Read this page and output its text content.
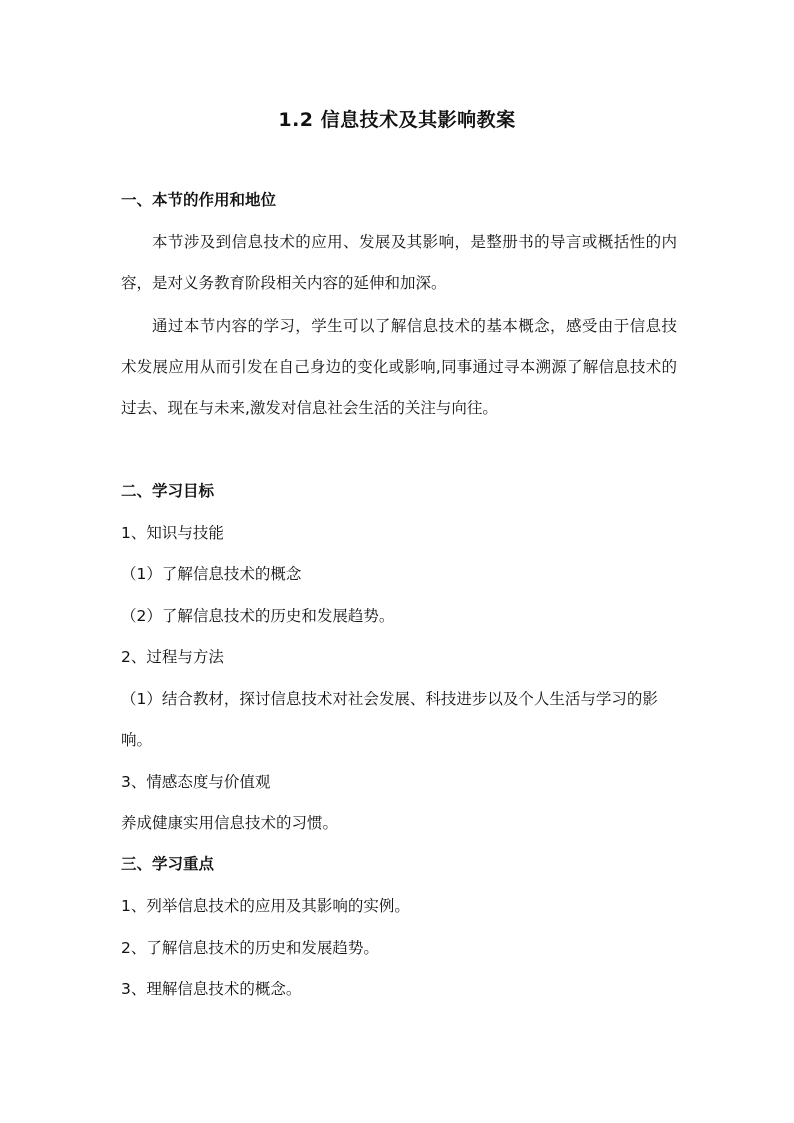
1.2 信息技术及其影响教案

一、本节的作用和地位

本节涉及到信息技术的应用、发展及其影响，是整册书的导言或概括性的内容，是对义务教育阶段相关内容的延伸和加深。

通过本节内容的学习，学生可以了解信息技术的基本概念，感受由于信息技术发展应用从而引发在自己身边的变化或影响,同事通过寻本溯源了解信息技术的过去、现在与未来,激发对信息社会生活的关注与向往。

二、学习目标

1、知识与技能

（1）了解信息技术的概念

（2）了解信息技术的历史和发展趋势。

2、过程与方法

（1）结合教材，探讨信息技术对社会发展、科技进步以及个人生活与学习的影响。

3、情感态度与价值观

养成健康实用信息技术的习惯。

三、学习重点

1、列举信息技术的应用及其影响的实例。

2、了解信息技术的历史和发展趋势。

3、理解信息技术的概念。
